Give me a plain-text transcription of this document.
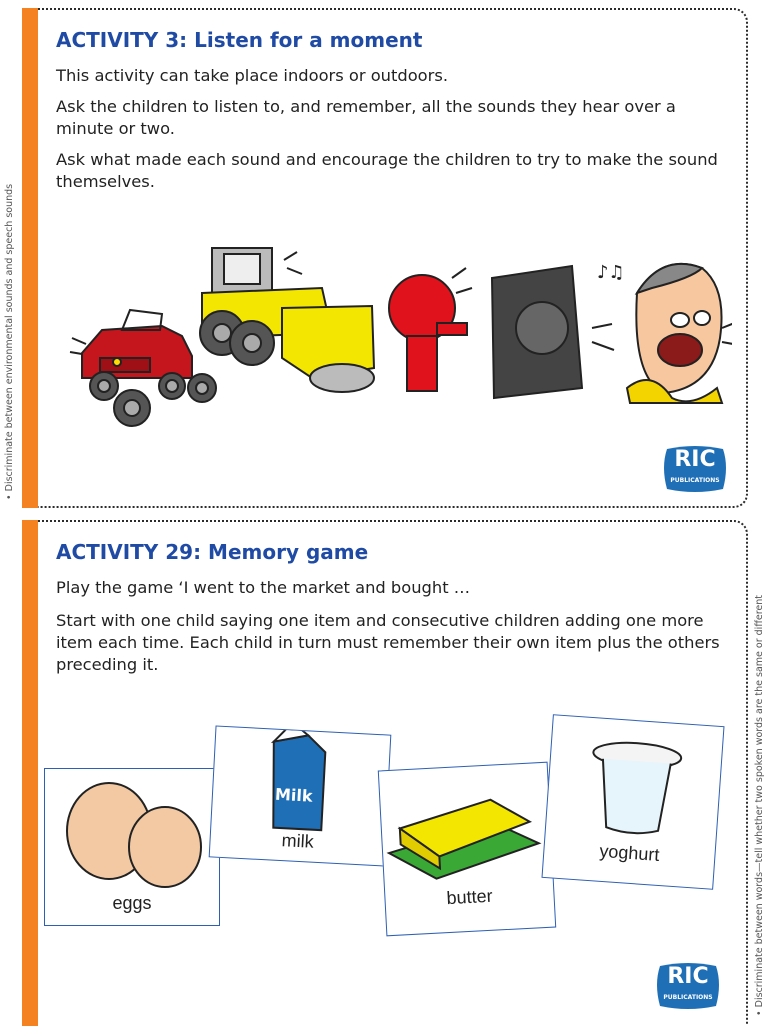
ACTIVITY 3: Listen for a moment

This activity can take place indoors or outdoors.

Ask the children to listen to, and remember, all the sounds they hear over a minute or two.

Ask what made each sound and encourage the children to try to make the sound themselves.

♪♫
RIC
PUBLICATIONS
• Discriminate between environmental sounds and speech sounds
ACTIVITY 29: Memory game

Play the game ‘I went to the market and bought …

Start with one child saying one item and consecutive children adding one more item each time. Each child in turn must remember their own item plus the others preceding it.

eggs
Milk
milk
butter
yoghurt
RIC
PUBLICATIONS	• Discriminate between words—tell whether two spoken words are the same or different
